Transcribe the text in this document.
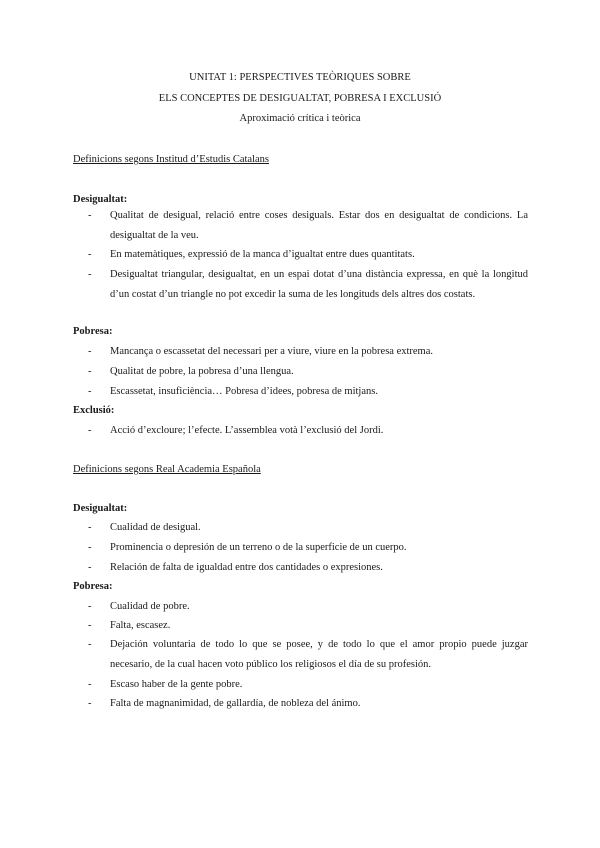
UNITAT 1: PERSPECTIVES TEÒRIQUES SOBRE
ELS CONCEPTES DE DESIGUALTAT, POBRESA I EXCLUSIÓ
Aproximació crítica i teòrica
Definicions segons Institud d’Estudis Catalans
Desigualtat:
-	Qualitat de desigual, relació entre coses desiguals. Estar dos en desigualtat de condicions. La desigualtat de la veu.
-	En matemàtiques, expressió de la manca d’igualtat entre dues quantitats.
-	Desigualtat triangular, desigualtat, en un espai dotat d’una distància expressa, en què la longitud d’un costat d’un triangle no pot excedir la suma de les longituds dels altres dos costats.
Pobresa:
-	Mancança o escassetat del necessari per a viure, viure en la pobresa extrema.
-	Qualitat de pobre, la pobresa d’una llengua.
-	Escassetat, insuficiència… Pobresa d’idees, pobresa de mitjans.
Exclusió:
-	Acció d’excloure; l’efecte. L’assemblea votà l’exclusió del Jordi.
Definicions segons Real Academia Española
Desigualtat:
-	Cualidad de desigual.
-	Prominencia o depresión de un terreno o de la superficie de un cuerpo.
-	Relación de falta de igualdad entre dos cantidades o expresiones.
Pobresa:
-	Cualidad de pobre.
-	Falta, escasez.
-	Dejación voluntaria de todo lo que se posee, y de todo lo que el amor propio puede juzgar necesario, de la cual hacen voto público los religiosos el día de su profesión.
-	Escaso haber de la gente pobre.
-	Falta de magnanimidad, de gallardía, de nobleza del ánimo.
